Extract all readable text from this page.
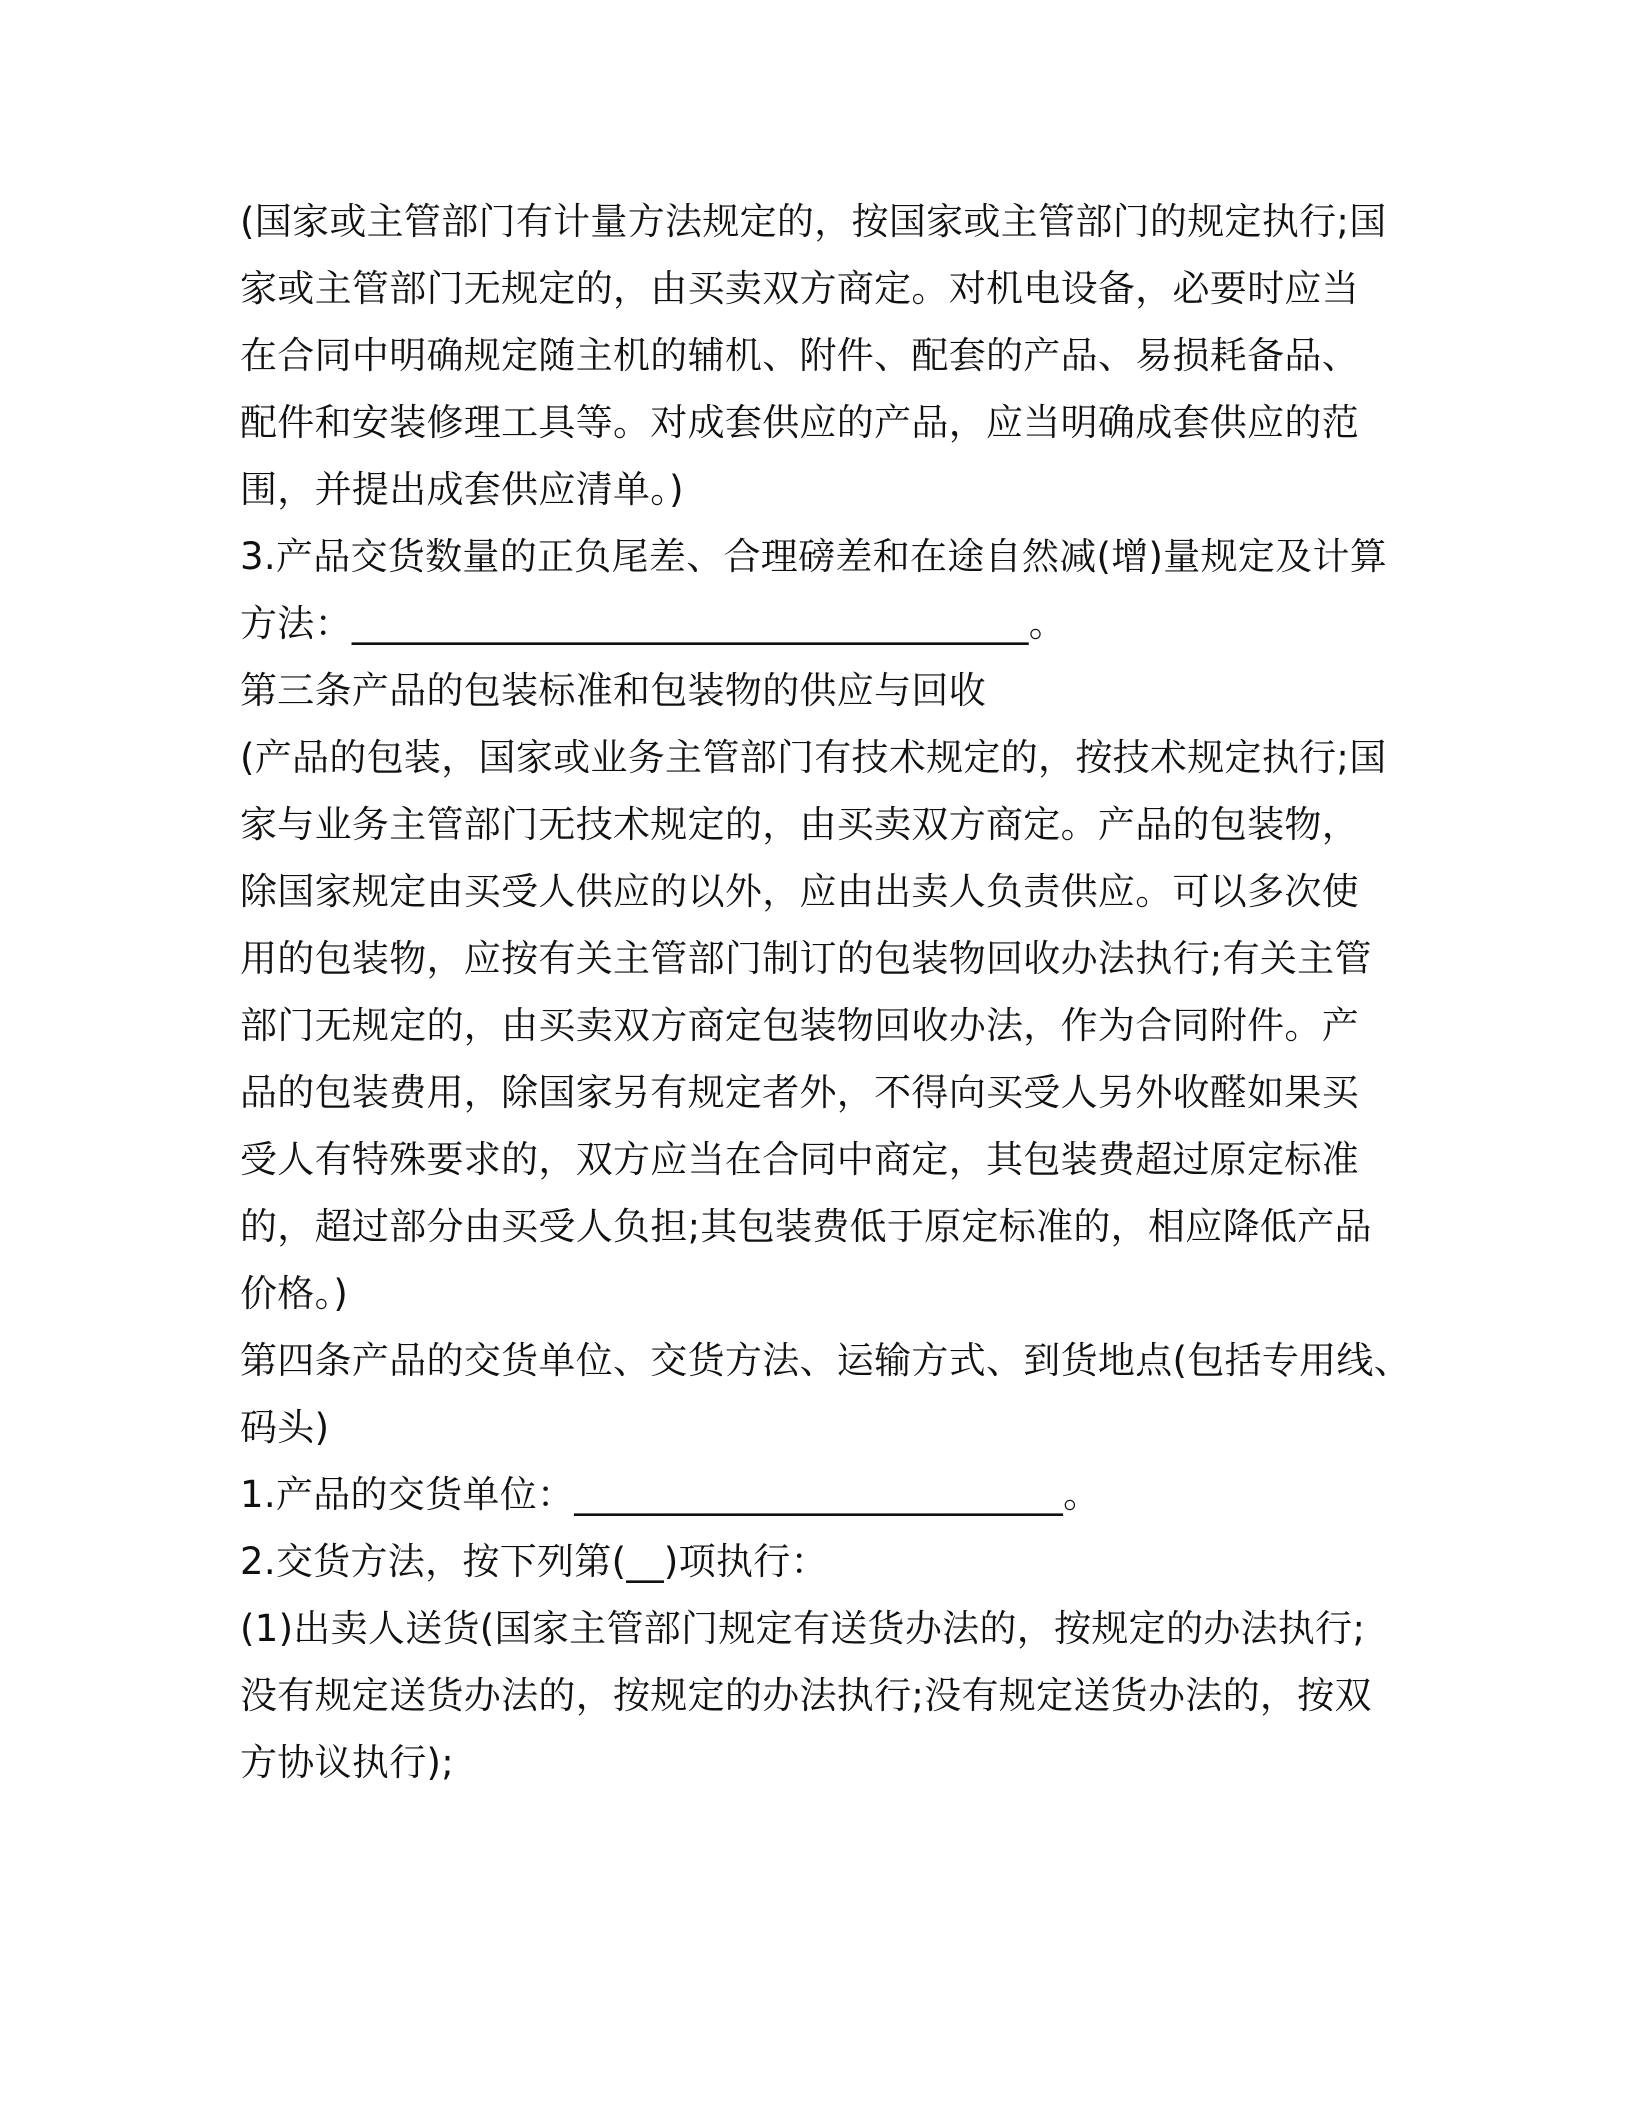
(国家或主管部门有计量方法规定的，按国家或主管部门的规定执行;国
家或主管部门无规定的，由买卖双方商定。对机电设备，必要时应当
在合同中明确规定随主机的辅机、附件、配套的产品、易损耗备品、
配件和安装修理工具等。对成套供应的产品，应当明确成套供应的范
围，并提出成套供应清单。)
3.产品交货数量的正负尾差、合理磅差和在途自然减(增)量规定及计算
方法：____________________________________。
第三条产品的包装标准和包装物的供应与回收
(产品的包装，国家或业务主管部门有技术规定的，按技术规定执行;国
家与业务主管部门无技术规定的，由买卖双方商定。产品的包装物，
除国家规定由买受人供应的以外，应由出卖人负责供应。可以多次使
用的包装物，应按有关主管部门制订的包装物回收办法执行;有关主管
部门无规定的，由买卖双方商定包装物回收办法，作为合同附件。产
品的包装费用，除国家另有规定者外，不得向买受人另外收醛如果买
受人有特殊要求的，双方应当在合同中商定，其包装费超过原定标准
的，超过部分由买受人负担;其包装费低于原定标准的，相应降低产品
价格。)
第四条产品的交货单位、交货方法、运输方式、到货地点(包括专用线、
码头)
1.产品的交货单位：__________________________。
2.交货方法，按下列第(__)项执行：
(1)出卖人送货(国家主管部门规定有送货办法的，按规定的办法执行;
没有规定送货办法的，按规定的办法执行;没有规定送货办法的，按双
方协议执行);
